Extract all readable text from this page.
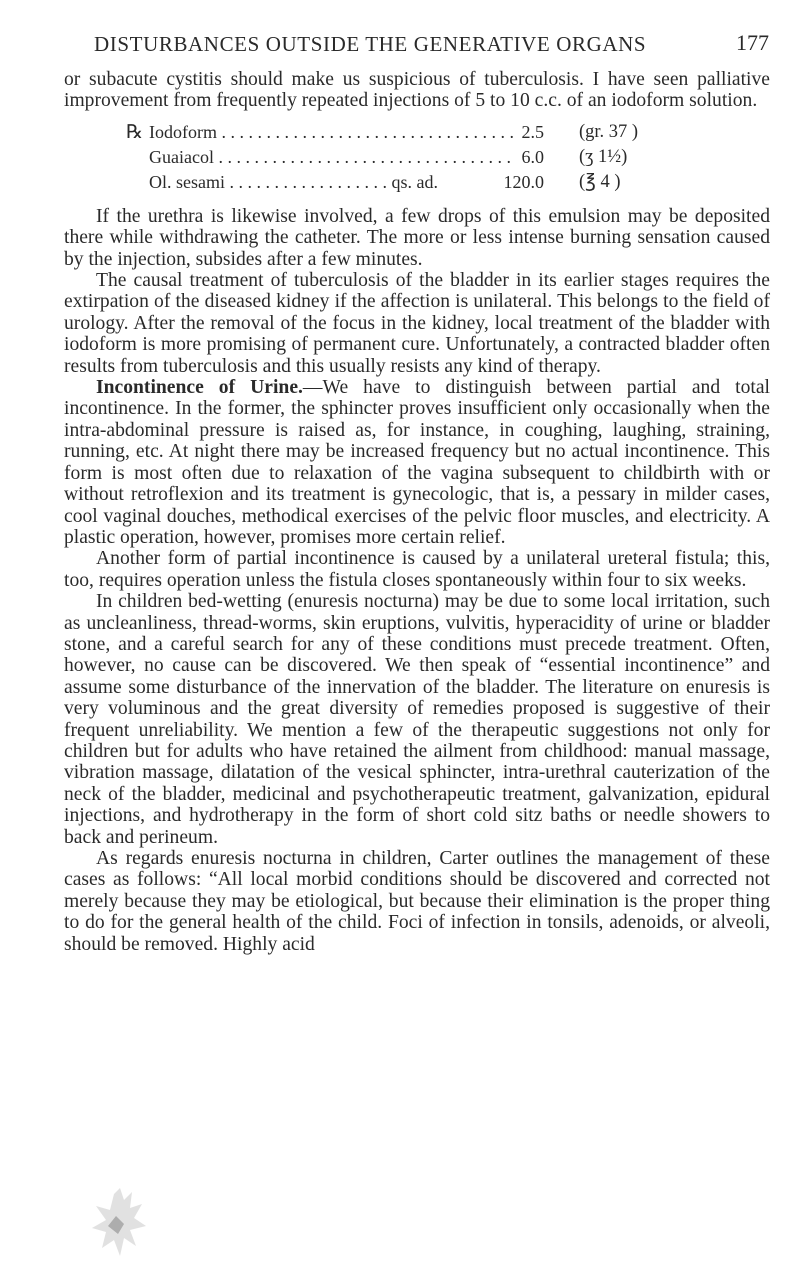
DISTURBANCES OUTSIDE THE GENERATIVE ORGANS	177

or subacute cystitis should make us suspicious of tuberculosis. I have seen palliative improvement from frequently repeated injections of 5 to 10 c.c. of an iodoform solution.

℞ Iodoform . . . . . . . . . . . . . . . . . . . . . . . . . . . . . . . . . 2.5 (gr. 37 )
Guaiacol . . . . . . . . . . . . . . . . . . . . . . . . . . . . . . . . . 6.0 (ʒ 1½)
Ol. sesami . . . . . . . . . . . . . . . . . . qs. ad.	120.0 (℥ 4 )

If the urethra is likewise involved, a few drops of this emulsion may be deposited there while withdrawing the catheter. The more or less intense burning sensation caused by the injection, subsides after a few minutes.

The causal treatment of tuberculosis of the bladder in its earlier stages requires the extirpation of the diseased kidney if the affection is unilateral. This belongs to the field of urology. After the removal of the focus in the kidney, local treatment of the bladder with iodoform is more promising of permanent cure. Unfortunately, a contracted bladder often results from tuberculosis and this usually resists any kind of therapy.

Incontinence of Urine.—We have to distinguish between partial and total incontinence. In the former, the sphincter proves insufficient only occasionally when the intra-abdominal pressure is raised as, for instance, in coughing, laughing, straining, running, etc. At night there may be increased frequency but no actual incontinence. This form is most often due to relaxation of the vagina subsequent to childbirth with or without retroflexion and its treatment is gynecologic, that is, a pessary in milder cases, cool vaginal douches, methodical exercises of the pelvic floor muscles, and electricity. A plastic operation, however, promises more certain relief.

Another form of partial incontinence is caused by a unilateral ureteral fistula; this, too, requires operation unless the fistula closes spontaneously within four to six weeks.

In children bed-wetting (enuresis nocturna) may be due to some local irritation, such as uncleanliness, thread-worms, skin eruptions, vulvitis, hyperacidity of urine or bladder stone, and a careful search for any of these conditions must precede treatment. Often, however, no cause can be discovered. We then speak of “essential incontinence” and assume some disturbance of the innervation of the bladder. The literature on enuresis is very voluminous and the great diversity of remedies proposed is suggestive of their frequent unreliability. We mention a few of the therapeutic suggestions not only for children but for adults who have retained the ailment from childhood: manual massage, vibration massage, dilatation of the vesical sphincter, intra-urethral cauterization of the neck of the bladder, medicinal and psychotherapeutic treatment, galvanization, epidural injections, and hydrotherapy in the form of short cold sitz baths or needle showers to back and perineum.

As regards enuresis nocturna in children, Carter outlines the management of these cases as follows: “All local morbid conditions should be discovered and corrected not merely because they may be etiological, but because their elimination is the proper thing to do for the general health of the child. Foci of infection in tonsils, adenoids, or alveoli, should be removed. Highly acid
